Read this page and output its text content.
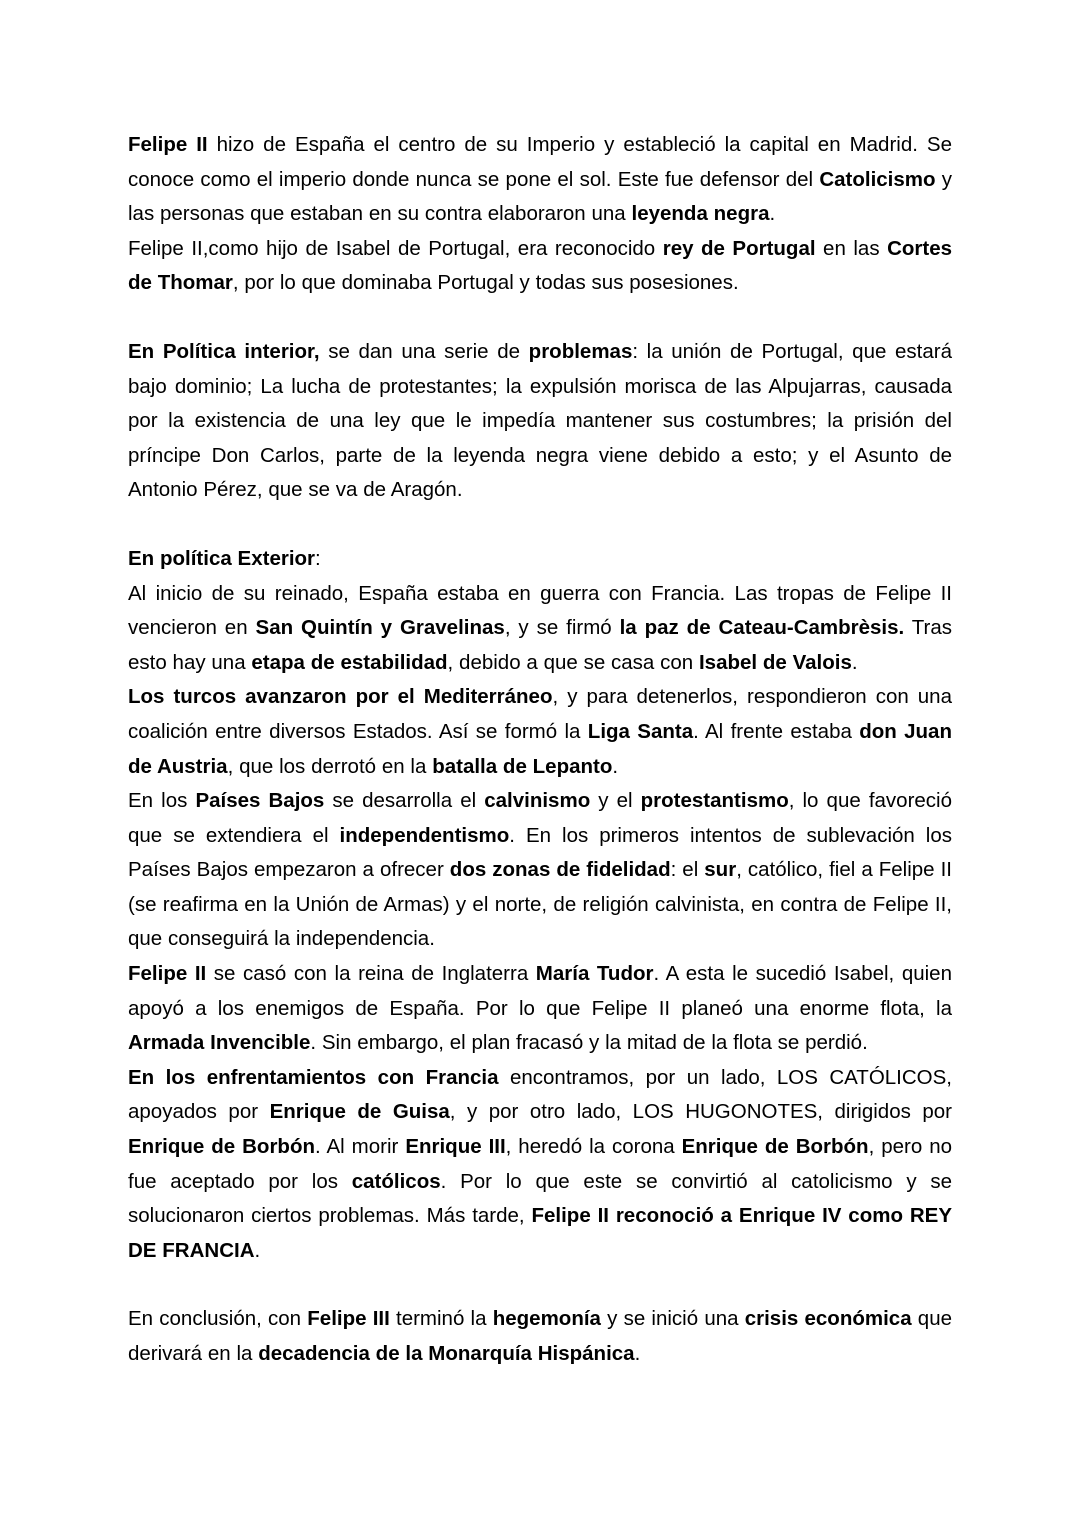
Felipe II hizo de España el centro de su Imperio y estableció la capital en Madrid. Se conoce como el imperio donde nunca se pone el sol. Este fue defensor del Catolicismo y las personas que estaban en su contra elaboraron una leyenda negra.

Felipe II,como hijo de Isabel de Portugal, era reconocido rey de Portugal en las Cortes de Thomar, por lo que dominaba Portugal y todas sus posesiones.

En Política interior, se dan una serie de problemas: la unión de Portugal, que estará bajo dominio; La lucha de protestantes; la expulsión morisca de las Alpujarras, causada por la existencia de una ley que le impedía mantener sus costumbres; la prisión del príncipe Don Carlos, parte de la leyenda negra viene debido a esto; y el Asunto de Antonio Pérez, que se va de Aragón.

En política Exterior:

Al inicio de su reinado, España estaba en guerra con Francia. Las tropas de Felipe II vencieron en San Quintín y Gravelinas, y se firmó la paz de Cateau-Cambrèsis. Tras esto hay una etapa de estabilidad, debido a que se casa con Isabel de Valois.

Los turcos avanzaron por el Mediterráneo, y para detenerlos, respondieron con una coalición entre diversos Estados. Así se formó la Liga Santa. Al frente estaba don Juan de Austria, que los derrotó en la batalla de Lepanto.

En los Países Bajos se desarrolla el calvinismo y el protestantismo, lo que favoreció que se extendiera el independentismo. En los primeros intentos de sublevación los Países Bajos empezaron a ofrecer dos zonas de fidelidad: el sur, católico, fiel a Felipe II (se reafirma en la Unión de Armas) y el norte, de religión calvinista, en contra de Felipe II, que conseguirá la independencia.

Felipe II se casó con la reina de Inglaterra María Tudor. A esta le sucedió Isabel, quien apoyó a los enemigos de España. Por lo que Felipe II planeó una enorme flota, la Armada Invencible. Sin embargo, el plan fracasó y la mitad de la flota se perdió.

En los enfrentamientos con Francia encontramos, por un lado, LOS CATÓLICOS, apoyados por Enrique de Guisa, y por otro lado, LOS HUGONOTES, dirigidos por Enrique de Borbón. Al morir Enrique III, heredó la corona Enrique de Borbón, pero no fue aceptado por los católicos. Por lo que este se convirtió al catolicismo y se solucionaron ciertos problemas. Más tarde, Felipe II reconoció a Enrique IV como REY DE FRANCIA.

En conclusión, con Felipe III terminó la hegemonía y se inició una crisis económica que derivará en la decadencia de la Monarquía Hispánica.
